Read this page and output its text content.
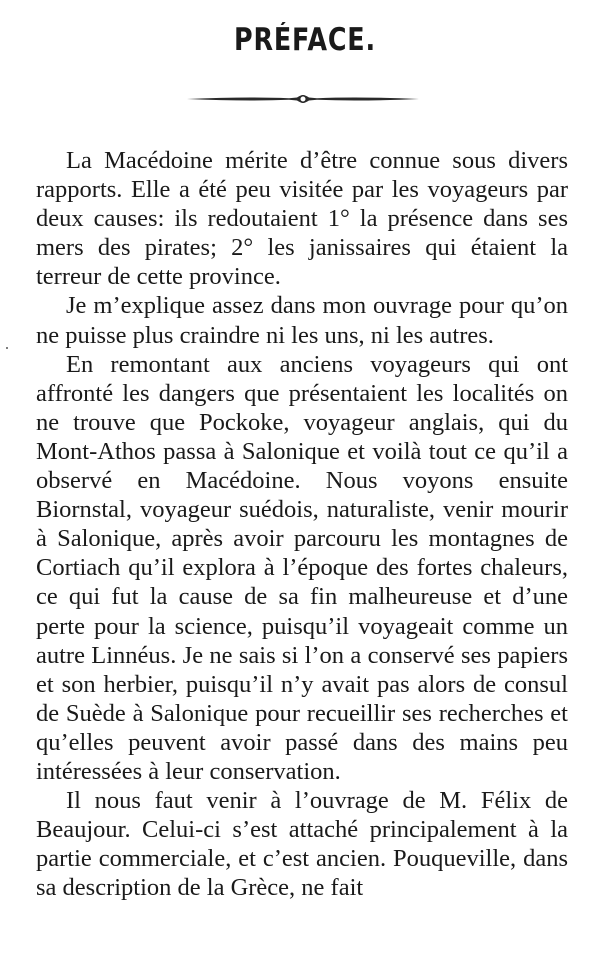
PRÉFACE.

La Macédoine mérite d’être connue sous divers rapports. Elle a été peu visitée par les voyageurs par deux causes: ils redoutaient 1° la présence dans ses mers des pirates; 2° les janissaires qui étaient la terreur de cette province.

Je m’explique assez dans mon ouvrage pour qu’on ne puisse plus craindre ni les uns, ni les autres.

En remontant aux anciens voyageurs qui ont affronté les dangers que présentaient les localités on ne trouve que Pockoke, voyageur anglais, qui du Mont-Athos passa à Salonique et voilà tout ce qu’il a observé en Macédoine. Nous voyons ensuite Biornstal, voyageur suédois, naturaliste, venir mourir à Salonique, après avoir parcouru les montagnes de Cortiach qu’il explora à l’époque des fortes chaleurs, ce qui fut la cause de sa fin malheureuse et d’une perte pour la science, puisqu’il voyageait comme un autre Linnéus. Je ne sais si l’on a conservé ses papiers et son herbier, puisqu’il n’y avait pas alors de consul de Suède à Salonique pour recueillir ses recherches et qu’elles peuvent avoir passé dans des mains peu intéressées à leur conservation.

Il nous faut venir à l’ouvrage de M. Félix de Beaujour. Celui-ci s’est attaché principalement à la partie commerciale, et c’est ancien. Pouqueville, dans sa description de la Grèce, ne fait
